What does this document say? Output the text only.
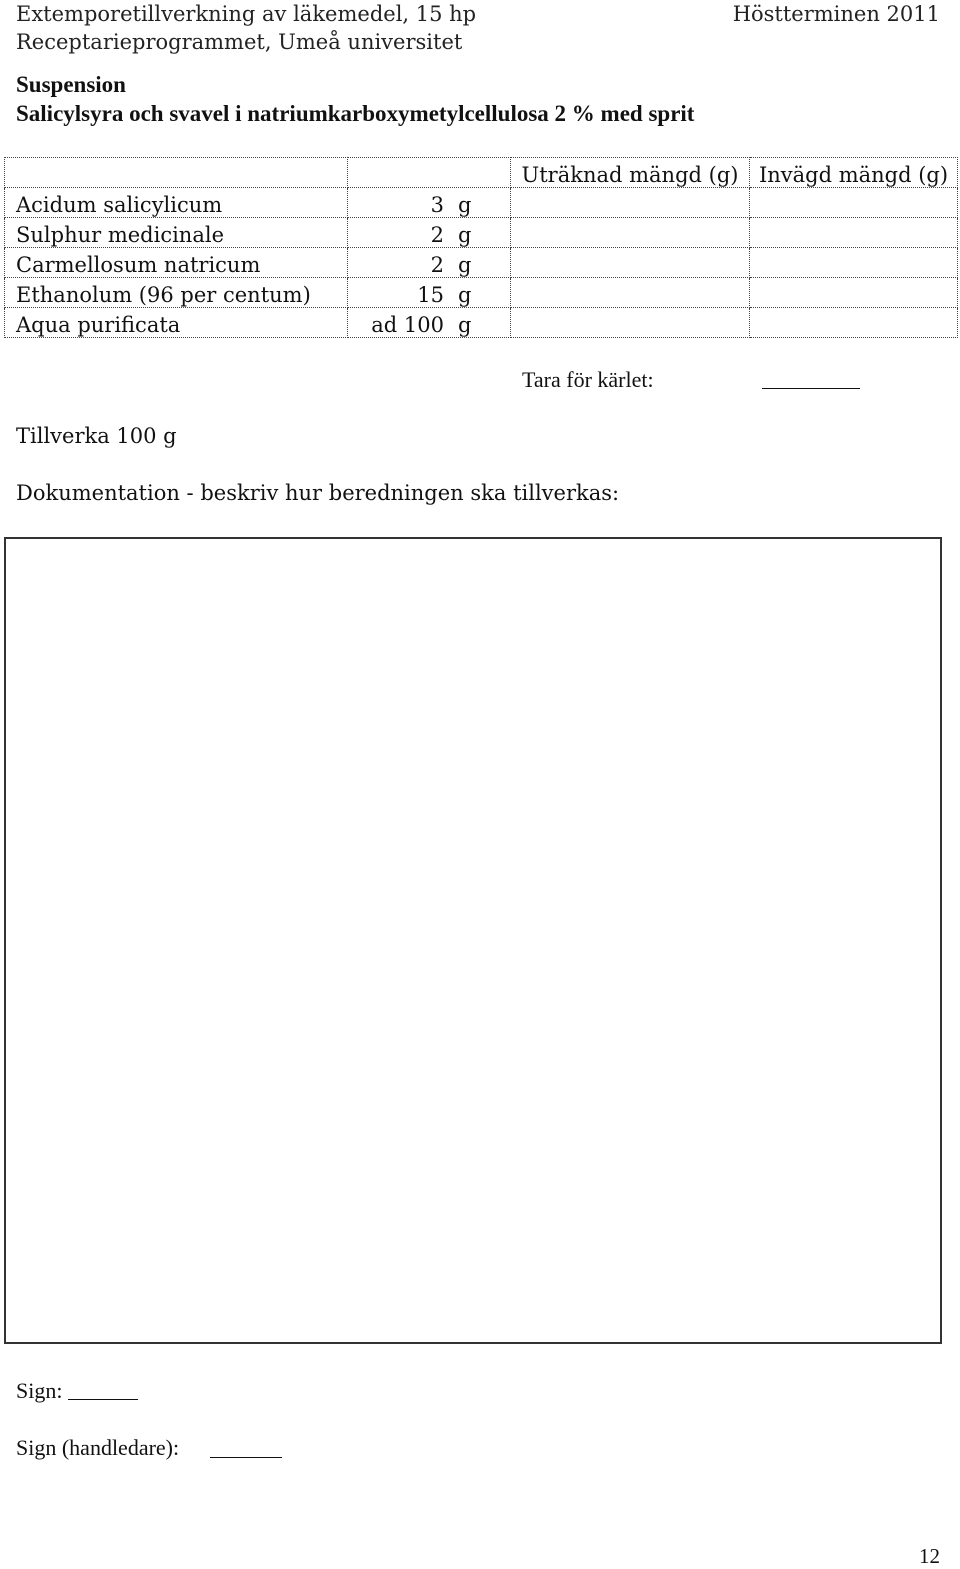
Extemporetillverkning av läkemedel, 15 hp
Receptarieprogrammet, Umeå universitet
Höstterminen 2011
Suspension
Salicylsyra och svavel i natriumkarboxymetylcellulosa 2 % med sprit
		Uträknad mängd (g)	Invägd mängd (g)
Acidum salicylicum	3 g		

Sulphur medicinale	2 g		

Carmellosum natricum	2 g		

Ethanolum (96 per centum)	15 g		

Aqua purificata	ad 100 g		

Tara för kärlet:
Tillverka 100 g
Dokumentation - beskriv hur beredningen ska tillverkas:
Sign:
Sign (handledare):
12
